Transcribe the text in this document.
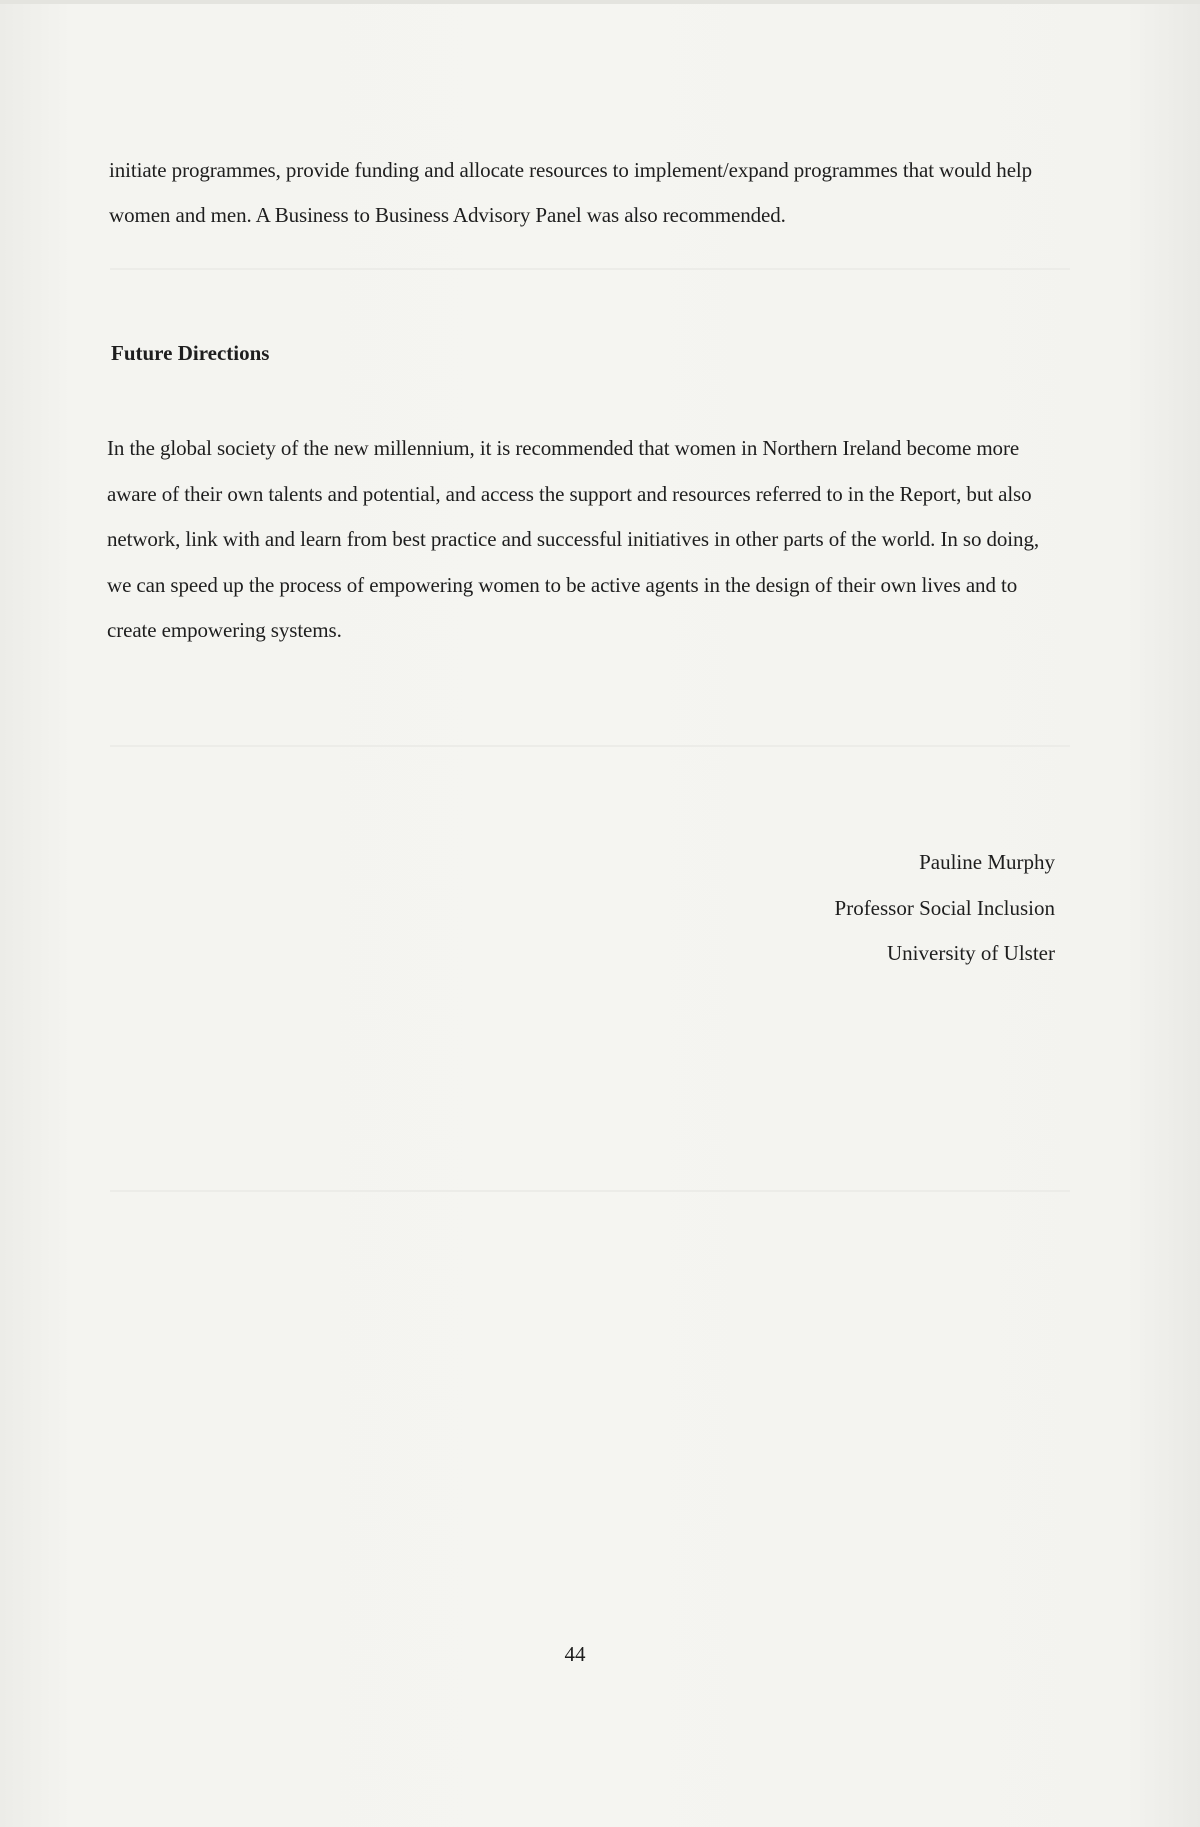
initiate programmes, provide funding and allocate resources to implement/expand programmes that would help women and men. A Business to Business Advisory Panel was also recommended.

Future Directions

In the global society of the new millennium, it is recommended that women in Northern Ireland become more aware of their own talents and potential, and access the support and resources referred to in the Report, but also network, link with and learn from best practice and successful initiatives in other parts of the world. In so doing, we can speed up the process of empowering women to be active agents in the design of their own lives and to create empowering systems.

Pauline Murphy
Professor Social Inclusion
University of Ulster
44
